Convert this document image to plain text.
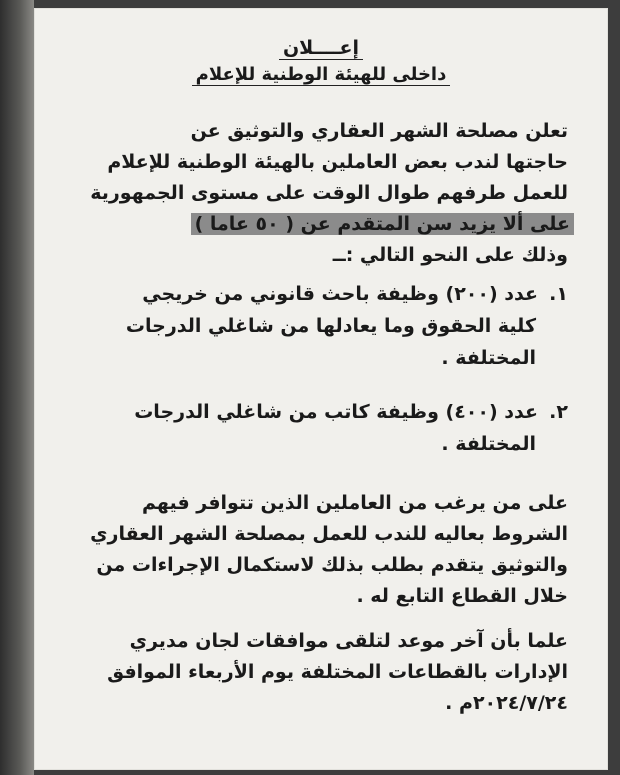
إعــــلان
داخلى للهيئة الوطنية للإعلام
تعلن مصلحة الشهر العقاري والتوثيق عن
حاجتها لندب بعض العاملين بالهيئة الوطنية للإعلام
للعمل طرفهم طوال الوقت على مستوى الجمهورية
على ألا يزيد سن المتقدم عن ( ٥٠ عاما )
وذلك على النحو التالي :ــ
١.عدد (٢٠٠) وظيفة باحث قانوني من خريجي
كلية الحقوق وما يعادلها من شاغلي الدرجات
المختلفة .
٢.عدد (٤٠٠) وظيفة كاتب من شاغلي الدرجات
المختلفة .
على من يرغب من العاملين الذين تتوافر فيهم
الشروط بعاليه للندب للعمل بمصلحة الشهر العقاري
والتوثيق يتقدم بطلب بذلك لاستكمال الإجراءات من
خلال القطاع التابع له .
علما بأن آخر موعد لتلقى موافقات لجان مديري
الإدارات بالقطاعات المختلفة يوم الأربعاء الموافق
٢٠٢٤/٧/٢٤م .
